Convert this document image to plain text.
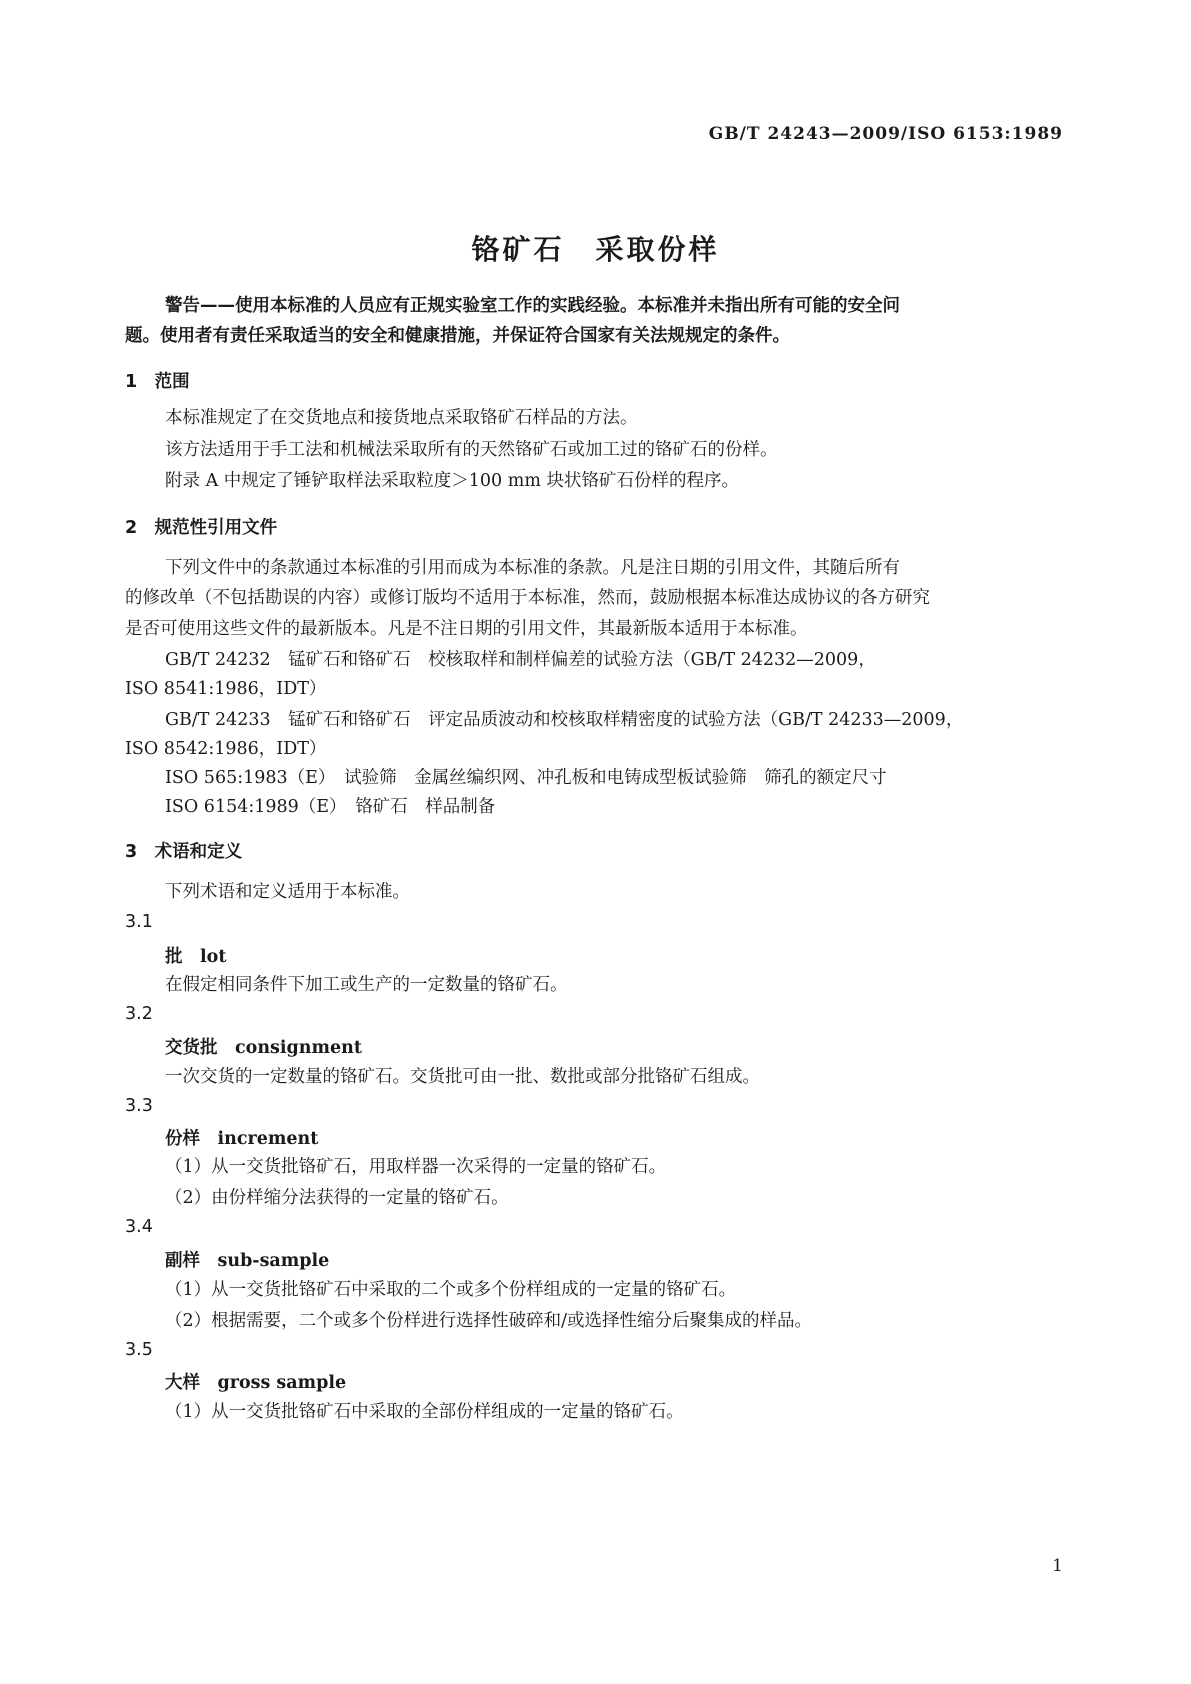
GB/T 24243—2009/ISO 6153:1989
铬矿石　采取份样
警告——使用本标准的人员应有正规实验室工作的实践经验。本标准并未指出所有可能的安全问
题。使用者有责任采取适当的安全和健康措施，并保证符合国家有关法规规定的条件。
1　范围
本标准规定了在交货地点和接货地点采取铬矿石样品的方法。
该方法适用于手工法和机械法采取所有的天然铬矿石或加工过的铬矿石的份样。
附录 A 中规定了锤铲取样法采取粒度＞100 mm 块状铬矿石份样的程序。
2　规范性引用文件
下列文件中的条款通过本标准的引用而成为本标准的条款。凡是注日期的引用文件，其随后所有
的修改单（不包括勘误的内容）或修订版均不适用于本标准，然而，鼓励根据本标准达成协议的各方研究
是否可使用这些文件的最新版本。凡是不注日期的引用文件，其最新版本适用于本标准。
GB/T 24232　锰矿石和铬矿石　校核取样和制样偏差的试验方法（GB/T 24232—2009，
ISO 8541:1986，IDT）
GB/T 24233　锰矿石和铬矿石　评定品质波动和校核取样精密度的试验方法（GB/T 24233—2009，
ISO 8542:1986，IDT）
ISO 565:1983（E）　试验筛　金属丝编织网、冲孔板和电铸成型板试验筛　筛孔的额定尺寸
ISO 6154:1989（E）　铬矿石　样品制备
3　术语和定义
下列术语和定义适用于本标准。
3.1
批　lot
在假定相同条件下加工或生产的一定数量的铬矿石。
3.2
交货批　consignment
一次交货的一定数量的铬矿石。交货批可由一批、数批或部分批铬矿石组成。
3.3
份样　increment
（1）从一交货批铬矿石，用取样器一次采得的一定量的铬矿石。
（2）由份样缩分法获得的一定量的铬矿石。
3.4
副样　sub-sample
（1）从一交货批铬矿石中采取的二个或多个份样组成的一定量的铬矿石。
（2）根据需要，二个或多个份样进行选择性破碎和/或选择性缩分后聚集成的样品。
3.5
大样　gross sample
（1）从一交货批铬矿石中采取的全部份样组成的一定量的铬矿石。
1
